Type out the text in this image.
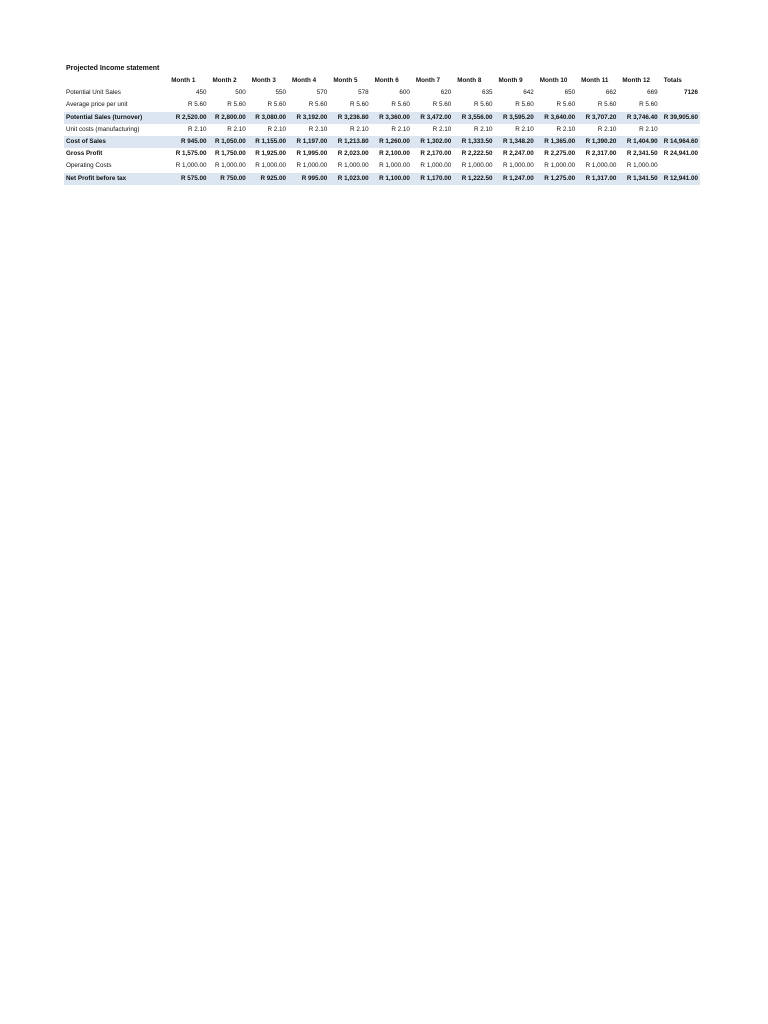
Projected Income statement
	Month 1	Month 2	Month 3	Month 4	Month 5	Month 6	Month 7	Month 8	Month 9	Month 10	Month 11	Month 12	Totals
Potential Unit Sales	450	500	550	570	578	600	620	635	642	650	662	669	7126
Average price per unit	R 5.60	R 5.60	R 5.60	R 5.60	R 5.60	R 5.60	R 5.60	R 5.60	R 5.60	R 5.60	R 5.60	R 5.60	
Potential Sales (turnover)	R 2,520.00	R 2,800.00	R 3,080.00	R 3,192.00	R 3,236.80	R 3,360.00	R 3,472.00	R 3,556.00	R 3,595.20	R 3,640.00	R 3,707.20	R 3,746.40	R 39,905.60
Unit costs (manufacturing)	R 2.10	R 2.10	R 2.10	R 2.10	R 2.10	R 2.10	R 2.10	R 2.10	R 2.10	R 2.10	R 2.10	R 2.10	
Cost of Sales	R 945.00	R 1,050.00	R 1,155.00	R 1,197.00	R 1,213.80	R 1,260.00	R 1,302.00	R 1,333.50	R 1,348.20	R 1,365.00	R 1,390.20	R 1,404.90	R 14,964.60
Gross Profit	R 1,575.00	R 1,750.00	R 1,925.00	R 1,995.00	R 2,023.00	R 2,100.00	R 2,170.00	R 2,222.50	R 2,247.00	R 2,275.00	R 2,317.00	R 2,341.50	R 24,941.00
Operating Costs	R 1,000.00	R 1,000.00	R 1,000.00	R 1,000.00	R 1,000.00	R 1,000.00	R 1,000.00	R 1,000.00	R 1,000.00	R 1,000.00	R 1,000.00	R 1,000.00	
Net Profit before tax	R 575.00	R 750.00	R 925.00	R 995.00	R 1,023.00	R 1,100.00	R 1,170.00	R 1,222.50	R 1,247.00	R 1,275.00	R 1,317.00	R 1,341.50	R 12,941.00
